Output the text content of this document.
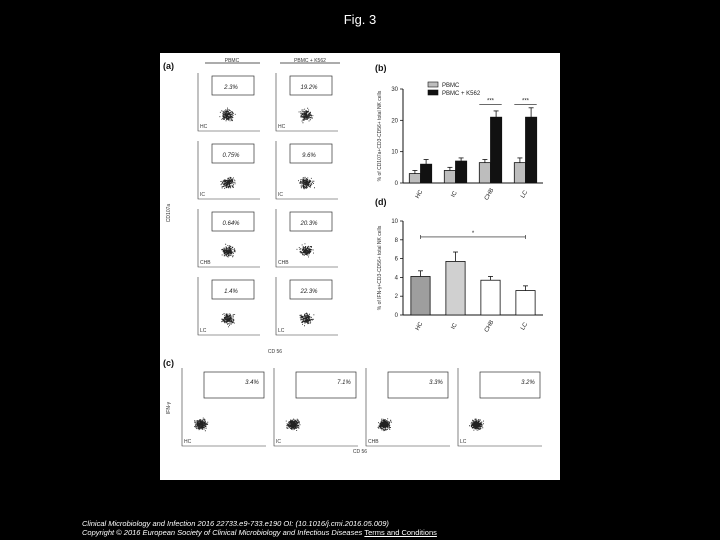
Fig. 3
(a)	PBMC	PBMC + K562
CD107a
CD 56
2.3%
HC
19.2%
HC
0.75%
IC
9.6%
IC
0.64%
CHB
20.3%
CHB
1.4%
LC
22.3%
LC
(b)
0
10
20
30
% of CD107a+CD3-CD56+ total NK cells
HC	IC	CHB	LC
PBMC
PBMC + K562
***	***
(d)
0
2
4
6
8
10
% of IFN-γ+CD3-CD56+ total NK cells
HC	IC	CHB	LC
*
(c)
IFN-γ
CD 56
3.4%
HC
7.1%
IC
3.3%
CHB
3.2%
LC
Clinical Microbiology and Infection 2016 22733.e9-733.e190 OI: (10.1016/j.cmi.2016.05.009)
Copyright © 2016 European Society of Clinical Microbiology and Infectious Diseases Terms and Conditions
